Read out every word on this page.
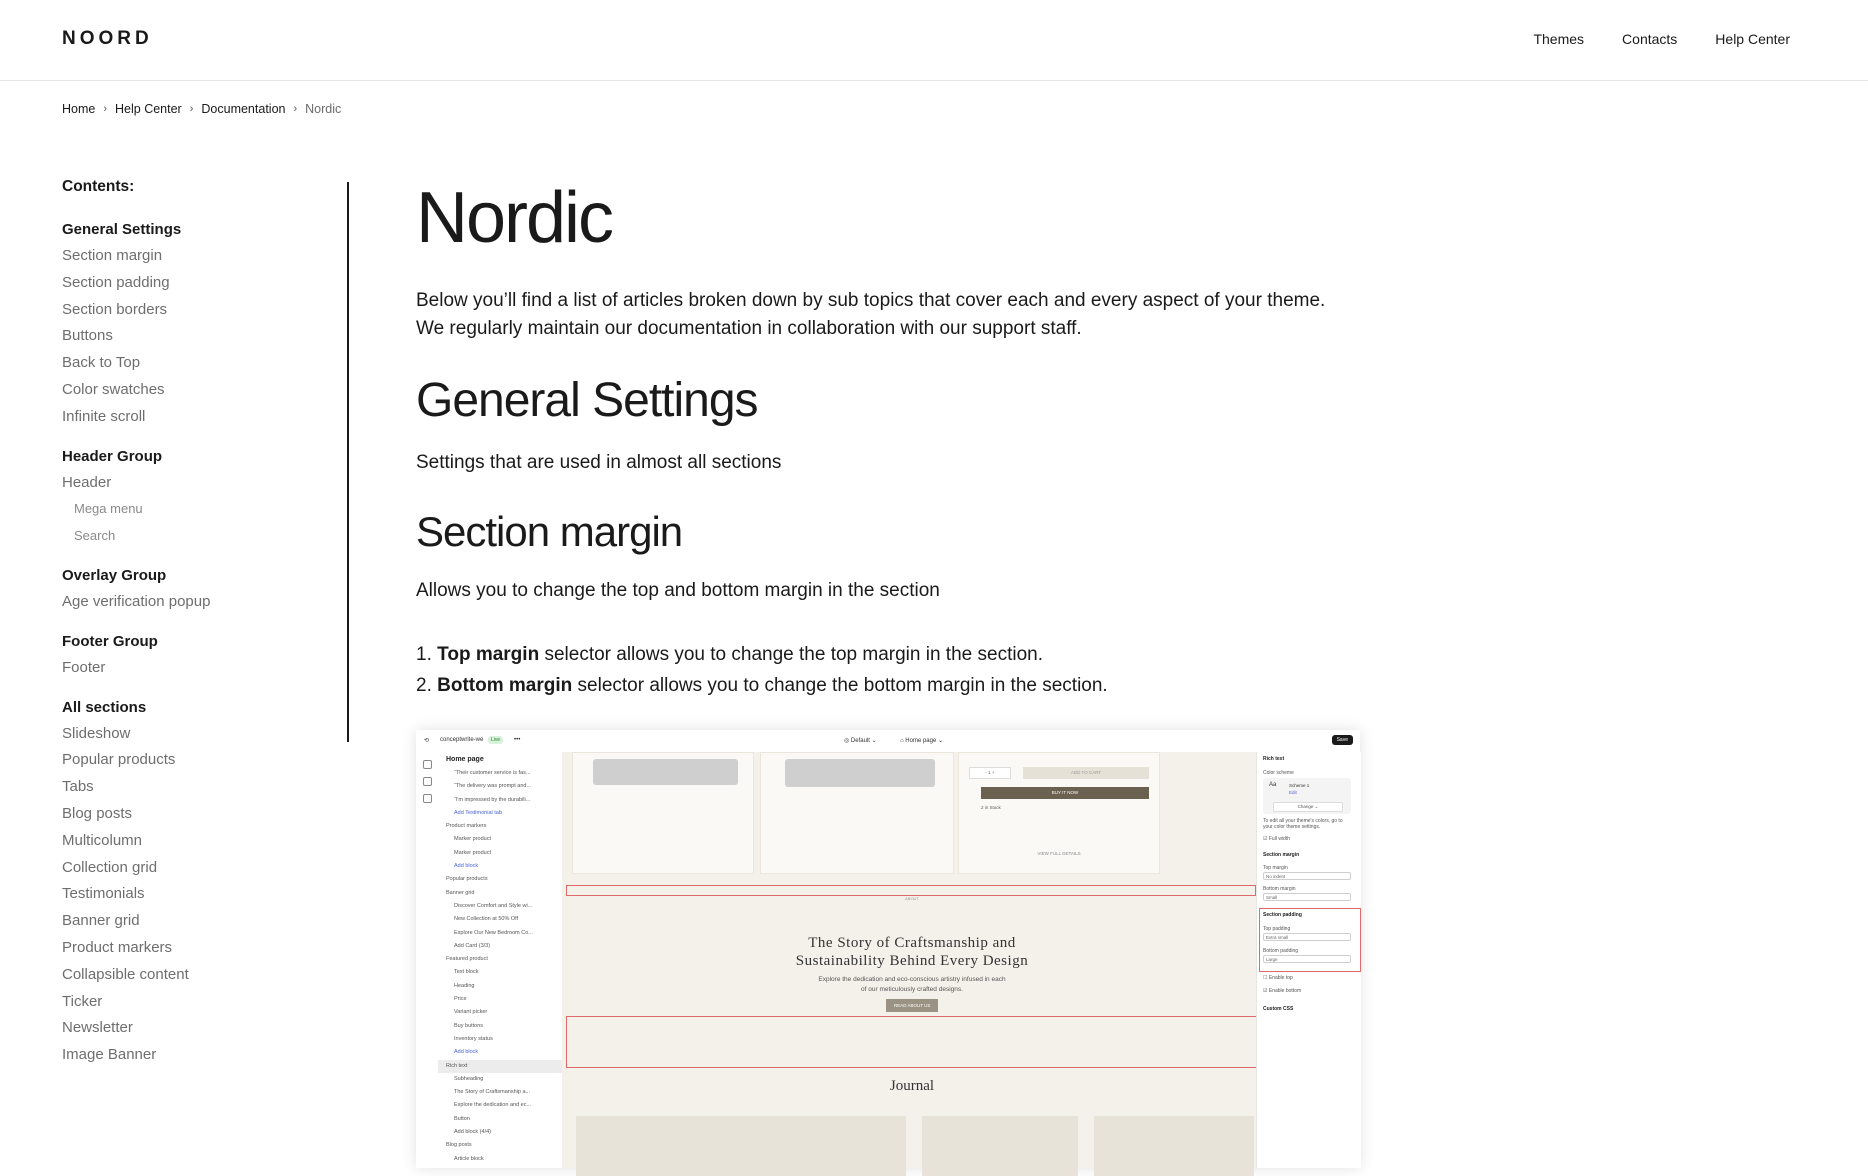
NOORD	Themes	Contacts	Help Center
Home › Help Center › Documentation › Nordic
Contents:
General Settings
Section margin
Section padding
Section borders
Buttons
Back to Top
Color swatches
Infinite scroll
Header Group
Header
Mega menu
Search
Overlay Group
Age verification popup
Footer Group
Footer
All sections
Slideshow
Popular products
Tabs
Blog posts
Multicolumn
Collection grid
Testimonials
Banner grid
Product markers
Collapsible content
Ticker
Newsletter
Image Banner
Nordic
Below you’ll find a list of articles broken down by sub topics that cover each and every aspect of your theme.
We regularly maintain our documentation in collaboration with our support staff.
General Settings
Settings that are used in almost all sections
Section margin
Allows you to change the top and bottom margin in the section
1. Top margin selector allows you to change the top margin in the section.
2. Bottom margin selector allows you to change the bottom margin in the section.
⟲ conceptwrite-we	Live	•••	◎ Default ⌄	⌂ Home page ⌄	Save
Home page
“Their customer service is fas...
“The delivery was prompt and...
“I'm impressed by the durabili...
Add Testimonial tab
Product markers
Marker product
Marker product
Add block
Popular products
Banner grid
Discover Comfort and Style wi...
New Collection at 50% Off
Explore Our New Bedroom Co...
Add Card (3/3)
Featured product
Text block
Heading
Price
Variant picker
Buy buttons
Inventory status
Add block
Rich text
Subheading
The Story of Craftsmanship a...
Explore the dedication and ec...
Button
Add block (4/4)
Blog posts
Article block
- 1 +	ADD TO CART
BUY IT NOW
2 in Stock
VIEW FULL DETAILS
ABOUT
The Story of Craftsmanship and
Sustainability Behind Every Design
Explore the dedication and eco-conscious artistry infused in each
of our meticulously crafted designs.
READ ABOUT US
Journal
Rich text
Color scheme
Aa	Scheme 1
Edit
Change ⌄
To edit all your theme's colors, go to your color theme settings.
☑ Full width
Section margin
Top margin
No indent
Bottom margin
Small
Section padding
Top padding
Extra small
Bottom padding
Large
☐ Enable top
☑ Enable bottom
Custom CSS
